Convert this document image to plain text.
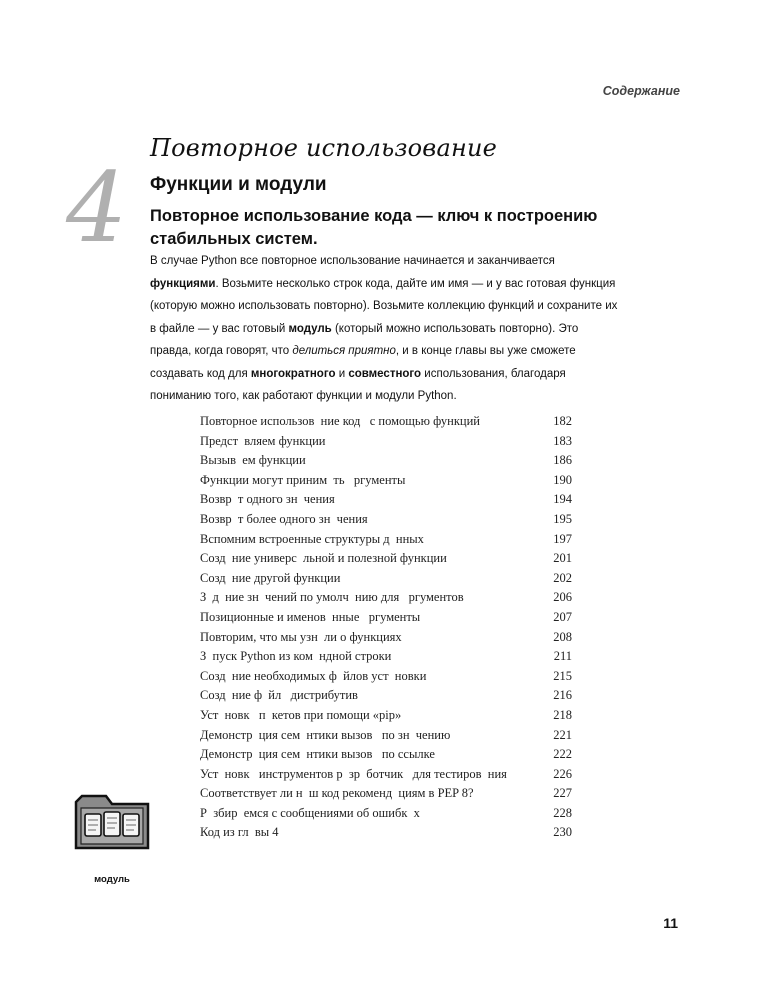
Содержание
4
Повторное использование
Функции и модули
Повторное использование кода — ключ к построению стабильных систем.
В случае Python все повторное использование начинается и заканчивается функциями. Возьмите несколько строк кода, дайте им имя — и у вас готовая функция (которую можно использовать повторно). Возьмите коллекцию функций и сохраните их в файле — у вас готовый модуль (который можно использовать повторно). Это правда, когда говорят, что делиться приятно, и в конце главы вы уже сможете создавать код для многократного и совместного использования, благодаря пониманию того, как работают функции и модули Python.
Повторное использов  ние код   с помощью функций	182
Предст  вляем функции	183
Вызыв  ем функции	186
Функции могут приним  ть   ргументы	190
Возвр  т одного зн  чения	194
Возвр  т более одного зн  чения	195
Вспомним встроенные структуры д  нных	197
Созд  ние универс  льной и полезной функции	201
Созд  ние другой функции	202
З  д  ние зн  чений по умолч  нию для   ргументов	206
Позиционные и именов  нные   ргументы	207
Повторим, что мы узн  ли о функциях	208
З  пуск Python из ком  ндной строки	211
Созд  ние необходимых ф  йлов уст  новки	215
Созд  ние ф  йл   дистрибутив	216
Уст  новк   п  кетов при помощи «pip»	218
Демонстр  ция сем  нтики вызов   по зн  чению	221
Демонстр  ция сем  нтики вызов   по ссылке	222
Уст  новк   инструментов р  зр  ботчик   для тестиров  ния	226
Соответствует ли н  ш код рекоменд  циям в PEP 8?	227
Р  збир  емся с сообщениями об ошибк  х	228
Код из гл  вы 4	230
модуль
11
